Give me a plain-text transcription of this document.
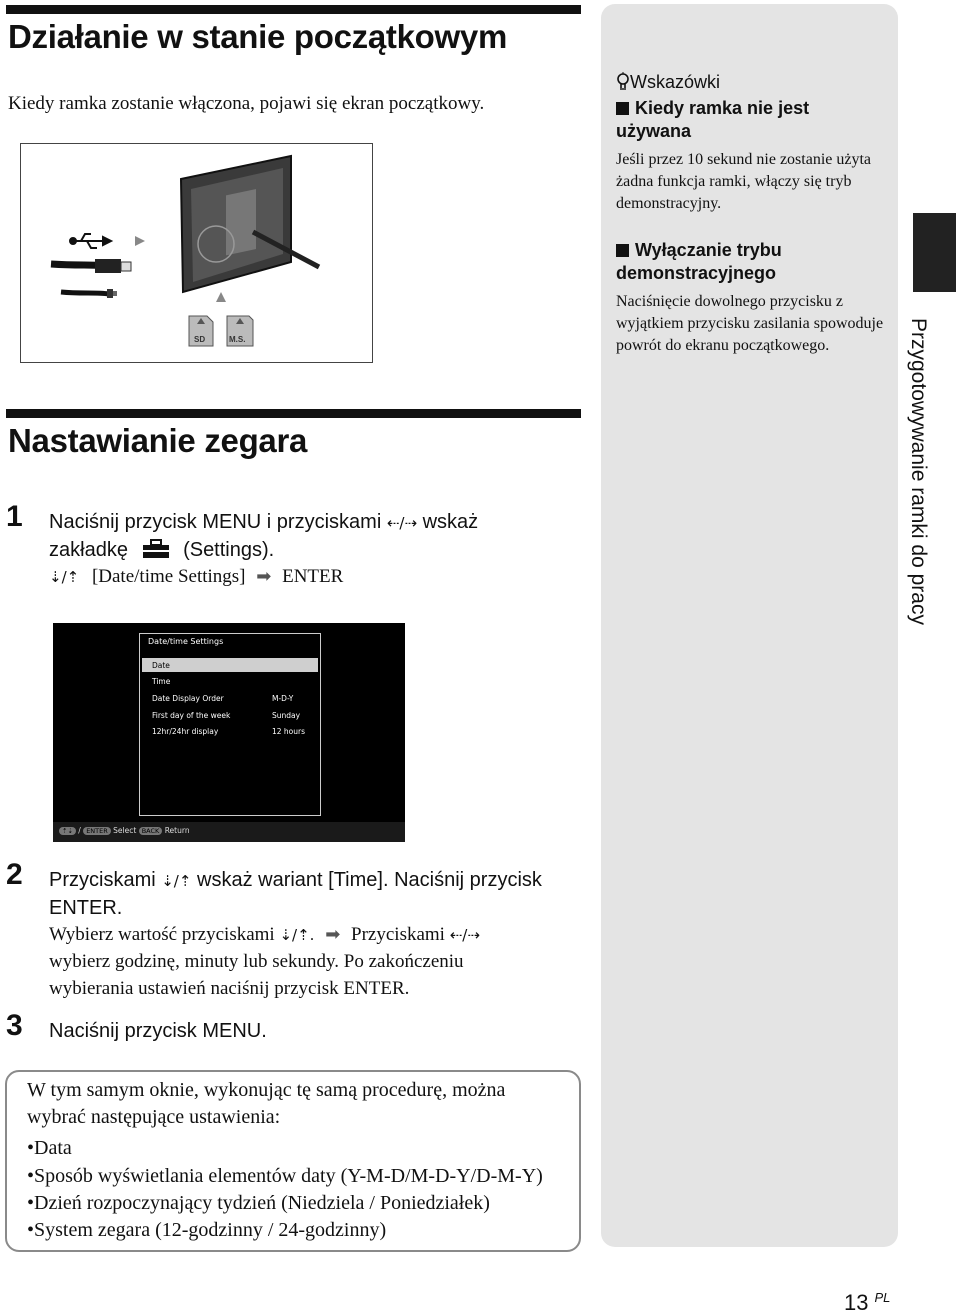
Działanie w stanie początkowym
Kiedy ramka zostanie włączona, pojawi się ekran początkowy.
SD	M.S.
Nastawianie zegara
1 Naciśnij przycisk MENU i przyciskami ⇠/⇢ wskaż
zakładkę	(Settings).
⇣/⇡ [Date/time Settings] ➡ ENTER
Date/time Settings
Date
Time
Date Display Order	M-D-Y
First day of the week	Sunday
12hr/24hr display	12 hours
⇡⇣ / ENTER Select BACK Return
2 Przyciskami ⇣/⇡ wskaż wariant [Time]. Naciśnij przycisk
ENTER.
Wybierz wartość przyciskami ⇣/⇡. ➡ Przyciskami ⇠/⇢
wybierz godzinę, minuty lub sekundy. Po zakończeniu
wybierania ustawień naciśnij przycisk ENTER.
3 Naciśnij przycisk MENU.

W tym samym oknie, wykonując tę samą procedurę, można

wybrać następujące ustawienia:

•Data

•Sposób wyświetlania elementów daty (Y-M-D/M-D-Y/D-M-Y)

•Dzień rozpoczynający tydzień (Niedziela / Poniedziałek)

•System zegara (12-godzinny / 24-godzinny)

Wskazówki
Kiedy ramka nie jest używana
Jeśli przez 10 sekund nie zostanie użyta żadna funkcja ramki, włączy się tryb demonstracyjny.
Wyłączanie trybu demonstracyjnego
Naciśnięcie dowolnego przycisku z wyjątkiem przycisku zasilania spowoduje powrót do ekranu początkowego.	Przygotowywanie ramki do pracy
13 $^{PL}$
